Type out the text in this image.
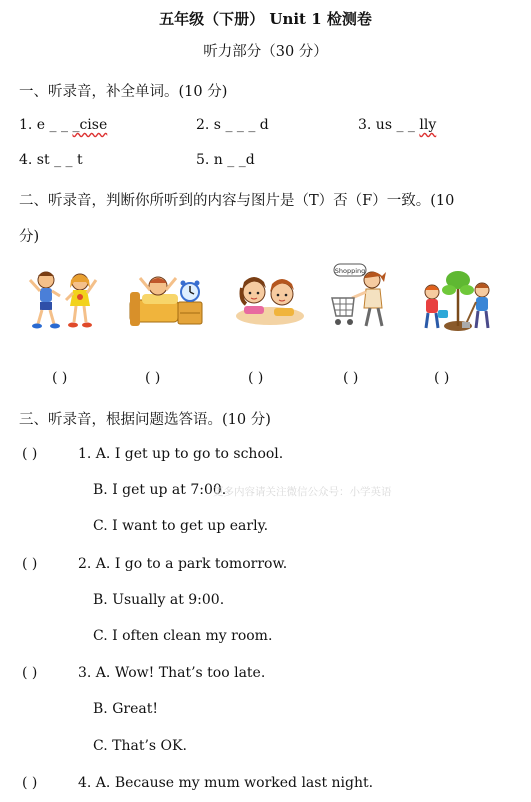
五年级（下册） Unit 1 检测卷
听力部分（30 分）
一、听录音，补全单词。(10 分)
1. e _ _ _cise	2. s _ _ _ d	3. us _ _ lly
4. st _ _ t	5. n _ _d
二、听录音，判断你所听到的内容与图片是（T）否（F）一致。(10
分)
Shopping
( )	( )	( )	( )	( )
三、听录音，根据问题选答语。(10 分)
( )	1. A. I get up to go to school.
B. I get up at 7:00.
更多内容请关注微信公众号：小学英语
C. I want to get up early.
( )	2. A. I go to a park tomorrow.
B. Usually at 9:00.
C. I often clean my room.
( )	3. A. Wow! That’s too late.
B. Great!
C. That’s OK.
( )	4. A. Because my mum worked last night.
